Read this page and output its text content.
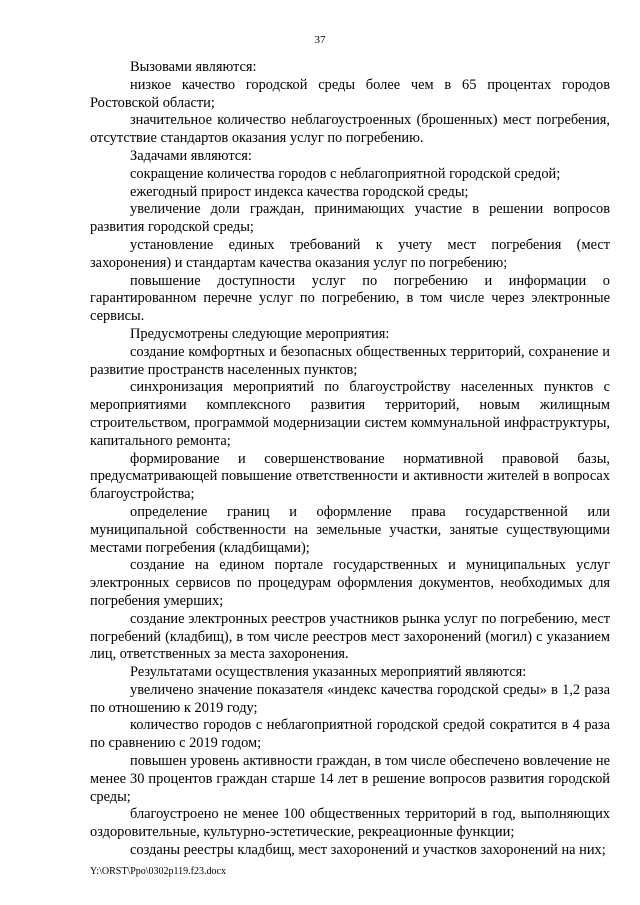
37

Вызовами являются:

низкое качество городской среды более чем в 65 процентах городов Ростовской области;

значительное количество неблагоустроенных (брошенных) мест погребения, отсутствие стандартов оказания услуг по погребению.

Задачами являются:

сокращение количества городов с неблагоприятной городской средой;

ежегодный прирост индекса качества городской среды;

увеличение доли граждан, принимающих участие в решении вопросов развития городской среды;

установление единых требований к учету мест погребения (мест захоронения) и стандартам качества оказания услуг по погребению;

повышение доступности услуг по погребению и информации о гарантированном перечне услуг по погребению, в том числе через электронные сервисы.

Предусмотрены следующие мероприятия:

создание комфортных и безопасных общественных территорий, сохранение и развитие пространств населенных пунктов;

синхронизация мероприятий по благоустройству населенных пунктов с мероприятиями комплексного развития территорий, новым жилищным строительством, программой модернизации систем коммунальной инфраструктуры, капитального ремонта;

формирование и совершенствование нормативной правовой базы, предусматривающей повышение ответственности и активности жителей в вопросах благоустройства;

определение границ и оформление права государственной или муниципальной собственности на земельные участки, занятые существующими местами погребения (кладбищами);

создание на едином портале государственных и муниципальных услуг электронных сервисов по процедурам оформления документов, необходимых для погребения умерших;

создание электронных реестров участников рынка услуг по погребению, мест погребений (кладбищ), в том числе реестров мест захоронений (могил) с указанием лиц, ответственных за места захоронения.

Результатами осуществления указанных мероприятий являются:

увеличено значение показателя «индекс качества городской среды» в 1,2 раза по отношению к 2019 году;

количество городов с неблагоприятной городской средой сократится в 4 раза по сравнению с 2019 годом;

повышен уровень активности граждан, в том числе обеспечено вовлечение не менее 30 процентов граждан старше 14 лет в решение вопросов развития городской среды;

благоустроено не менее 100 общественных территорий в год, выполняющих оздоровительные, культурно-эстетические, рекреационные функции;

созданы реестры кладбищ, мест захоронений и участков захоронений на них;

Y:\ORST\Ppo\0302p119.f23.docx
